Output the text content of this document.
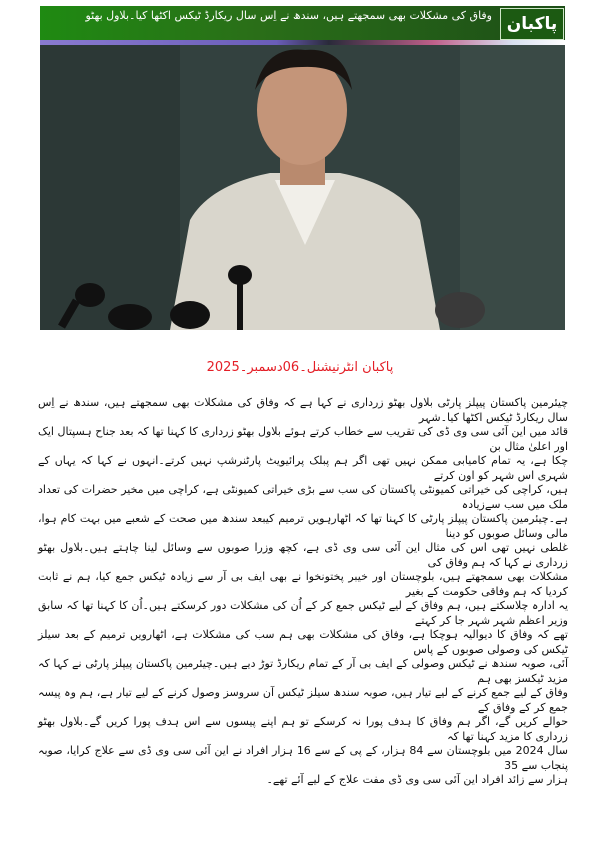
پاکبان
وفاق کی مشکلات بھی سمجھتے ہیں، سندھ نے اِس سال ریکارڈ ٹیکس اکٹھا کیا۔بلاول بھٹو
پاکبان انٹرنیشنل۔06دسمبر۔2025
چیئرمین پاکستان پیپلز پارٹی بلاول بھٹو زرداری نے کہا ہے کہ وفاق کی مشکلات بھی سمجھتے ہیں، سندھ نے اِس سال ریکارڈ ٹیکس اکٹھا کیا۔شہر
قائد میں این آئی سی وی ڈی کی تقریب سے خطاب کرتے ہوئے بلاول بھٹو زرداری کا کہنا تھا کہ بعد جناح ہسپتال ایک اور اعلیٰ مثال بن
چکا ہے، یہ تمام کامیابی ممکن نہیں تھی اگر ہم پبلک پرائیویٹ پارٹنرشپ نہیں کرتے۔انہوں نے کہا کہ یہاں کے شہری اس شہر کو اون کرتے
ہیں، کراچی کی خیراتی کمیونٹی پاکستان کی سب سے بڑی خیراتی کمیونٹی ہے، کراچی میں مخیر حضرات کی تعداد ملک میں سب سےزیادہ
ہے۔چیئرمین پاکستان پیپلز پارٹی کا کہنا تھا کہ اٹھارہویں ترمیم کیبعد سندھ میں صحت کے شعبے میں بہت کام ہوا، مالی وسائل صوبوں کو دینا
غلطی نہیں تھی اس کی مثال این آئی سی وی ڈی ہے، کچھ وزرا صوبوں سے وسائل لینا چاہتے ہیں۔بلاول بھٹو زرداری نے کہا کہ ہم وفاق کی
مشکلات بھی سمجھتے ہیں، بلوچستان اور خیبر پختونخوا نے بھی ایف بی آر سے زیادہ ٹیکس جمع کیا، ہم نے ثابت کردیا کہ ہم وفاقی حکومت کے بغیر
یہ ادارہ چلاسکتے ہیں، ہم وفاق کے لیے ٹیکس جمع کر کے اُن کی مشکلات دور کرسکتے ہیں۔اُن کا کہنا تھا کہ سابق وزیر اعظم شہر شہر جا کر کہتے
تھے کہ وفاق کا دیوالیہ ہوچکا ہے، وفاق کی مشکلات بھی ہم سب کی مشکلات ہے، اٹھارویں ترمیم کے بعد سیلز ٹیکس کی وصولی صوبوں کے پاس
آئی، صوبہ سندھ نے ٹیکس وصولی کے ایف بی آر کے تمام ریکارڈ توڑ دیے ہیں۔چیئرمین پاکستان پیپلز پارٹی نے کہا کہ مزید ٹیکسز بھی ہم
وفاق کے لیے جمع کرنے کے لیے تیار ہیں، صوبہ سندھ سیلز ٹیکس آن سروسز وصول کرنے کے لیے تیار ہے، ہم وہ پیسہ جمع کر کے وفاق کے
حوالے کریں گے، اگر ہم وفاق کا ہدف پورا نہ کرسکے تو ہم اپنے پیسوں سے اس ہدف پورا کریں گے۔بلاول بھٹو زرداری کا مزید کہنا تھا کہ
سال 2024 میں بلوچستان سے 84 ہزار، کے پی کے سے 16 ہزار افراد نے این آئی سی وی ڈی سے علاج کرایا، صوبہ پنجاب سے 35
ہزار سے زائد افراد این آئی سی وی ڈی مفت علاج کے لیے آئے تھے۔
